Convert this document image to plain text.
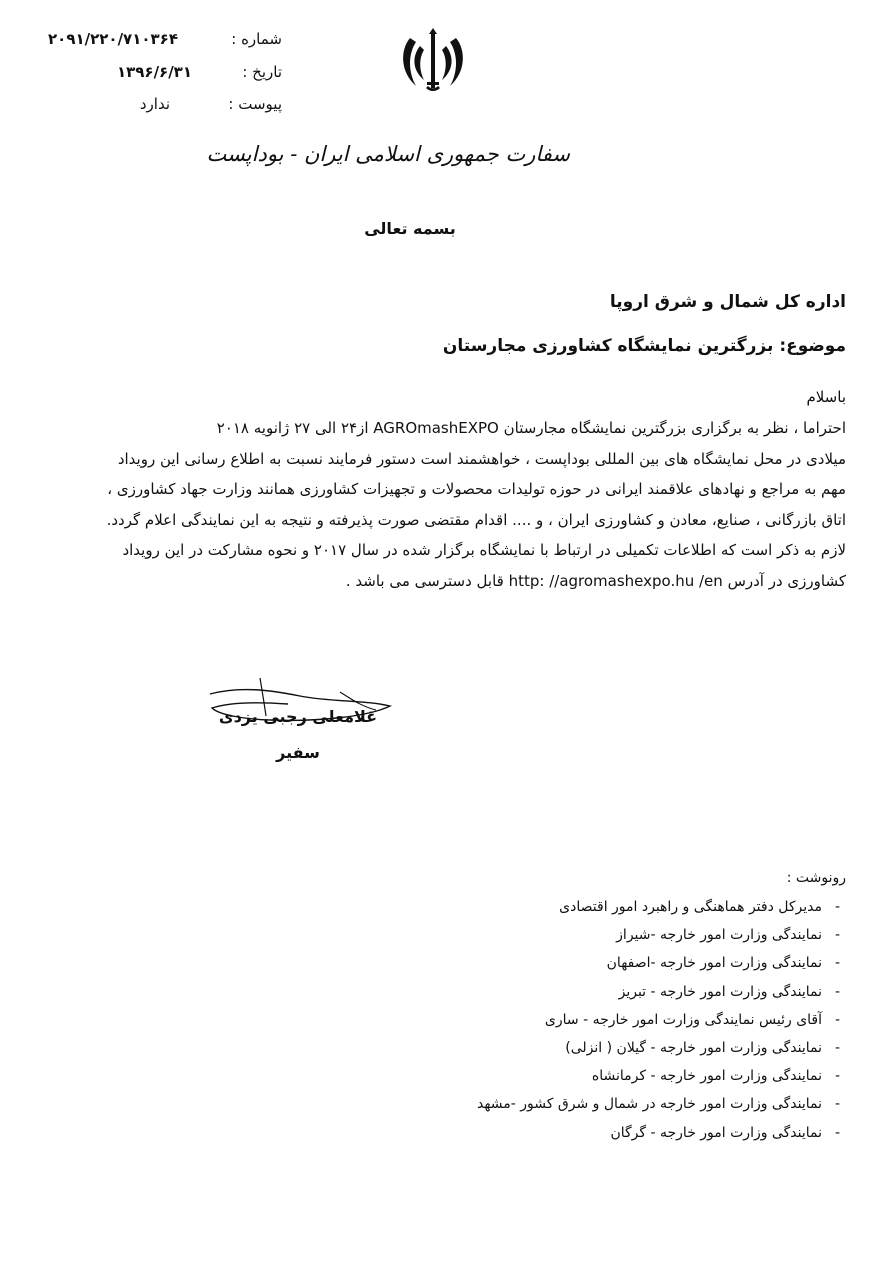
شماره :
۲۰۹۱/۲۲۰/۷۱۰۳۶۴
تاریخ :
۱۳۹۶/۶/۳۱
پیوست :
ندارد
سفارت جمهوری اسلامی ایران - بوداپست
بسمه تعالی
اداره کل شمال و شرق اروپا
موضوع: بزرگترین نمایشگاه کشاورزی مجارستان
باسلام
احتراما ، نظر به برگزاری بزرگترین نمایشگاه مجارستان AGROmashEXPO از۲۴ الی ۲۷ ژانویه ۲۰۱۸
میلادی در محل نمایشگاه های بین المللی بوداپست ، خواهشمند است دستور فرمایند نسبت به اطلاع رسانی این رویداد
مهم به مراجع و نهادهای علاقمند ایرانی در حوزه تولیدات محصولات و تجهیزات کشاورزی همانند وزارت جهاد کشاورزی ،
اتاق بازرگانی ، صنایع، معادن و کشاورزی ایران ، و .... اقدام مقتضی صورت پذیرفته و نتیجه به این نمایندگی اعلام گردد.
لازم به ذکر است که اطلاعات تکمیلی در ارتباط با نمایشگاه برگزار شده در سال ۲۰۱۷ و نحوه مشارکت در این رویداد
کشاورزی در آدرس http: //agromashexpo.hu /en قابل دسترسی می باشد .
غلامعلی رجبی یزدی
سفیر
رونوشت :
-مدیرکل دفتر هماهنگی و راهبرد امور اقتصادی
-نمایندگی وزارت امور خارجه -شیراز
-نمایندگی وزارت امور خارجه -اصفهان
-نمایندگی وزارت امور خارجه - تبریز
-آقای رئیس نمایندگی وزارت امور خارجه - ساری
-نمایندگی وزارت امور خارجه - گیلان ( انزلی)
-نمایندگی وزارت امور خارجه - کرمانشاه
-نمایندگی وزارت امور خارجه در شمال و شرق کشور -مشهد
-نمایندگی وزارت امور خارجه - گرگان
